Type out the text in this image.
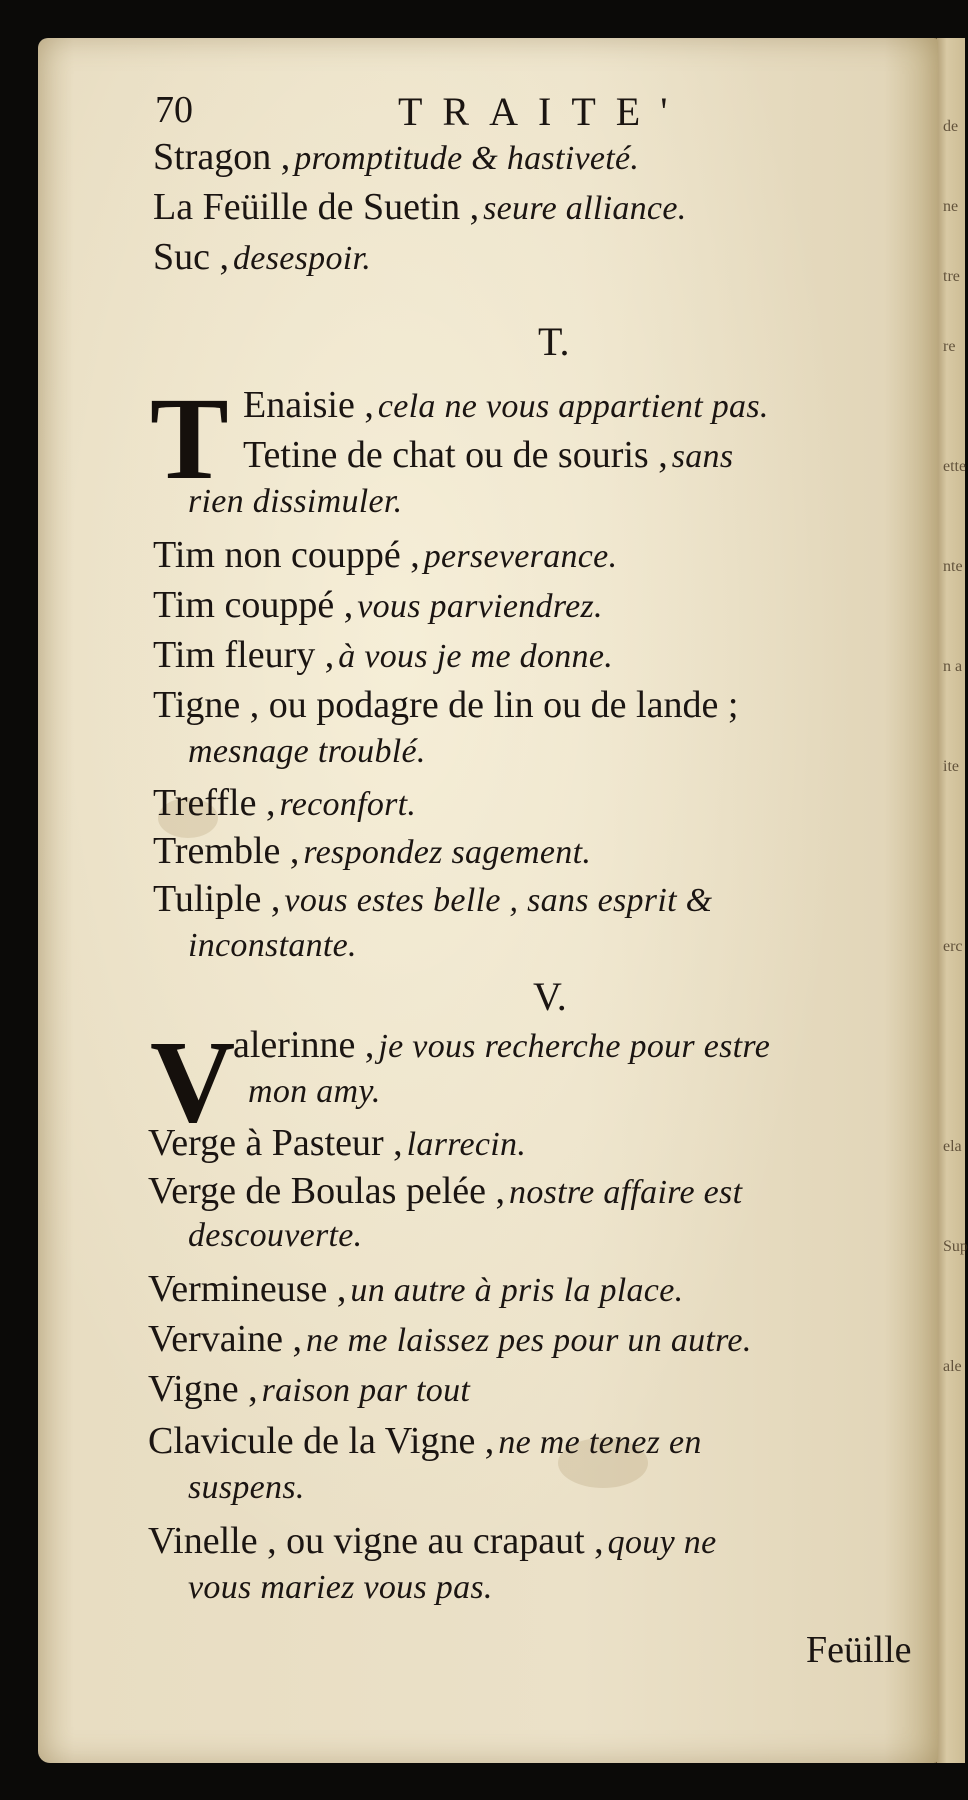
de
ne
tre
re
ette
nte
n a
ite
erc
ela
Sup
ale
70	TRAITE'
Stragon , promptitude & hastiveté.
La Feüille de Suetin , seure alliance.
Suc , desespoir.
T.
T Enaisie , cela ne vous appartient pas.
Tetine de chat ou de souris , sans
rien dissimuler.
Tim non couppé , perseverance.
Tim couppé , vous parviendrez.
Tim fleury , à vous je me donne.
Tigne , ou podagre de lin ou de lande ;
mesnage troublé.
Treffle , reconfort.
Tremble , respondez sagement.
Tuliple , vous estes belle , sans esprit &
inconstante.
V.
V
alerinne , je vous recherche pour estre
mon amy.
Verge à Pasteur , larrecin.
Verge de Boulas pelée , nostre affaire est
descouverte.
Vermineuse , un autre à pris la place.
Vervaine , ne me laissez pes pour un autre.
Vigne , raison par tout
Clavicule de la Vigne , ne me tenez en
suspens.
Vinelle , ou vigne au crapaut , qouy ne
vous mariez vous pas.
Feüille
